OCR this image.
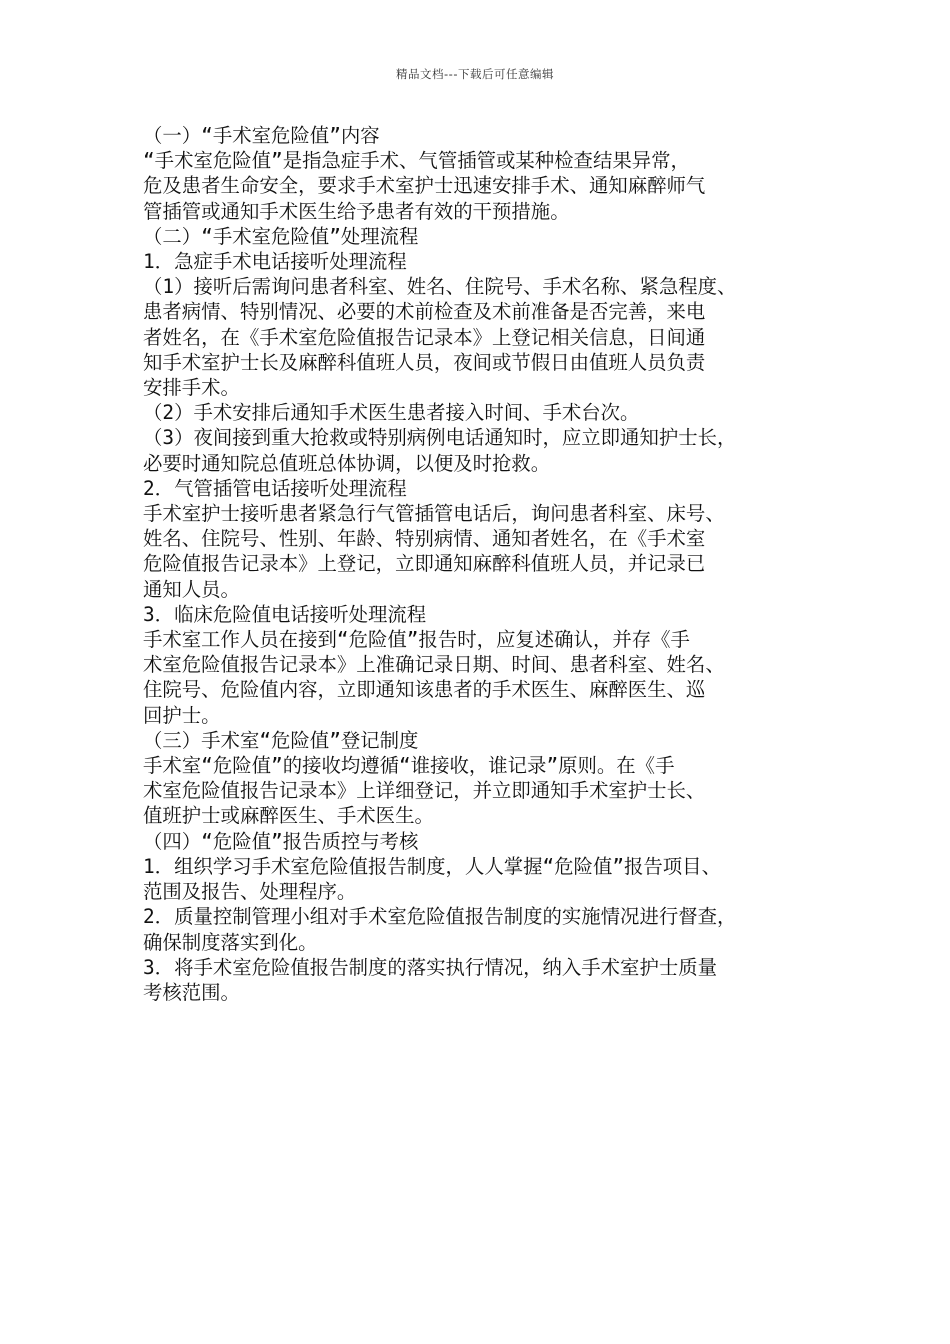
精品文档---下载后可任意编辑

（一）“手术室危险值”内容

“手术室危险值”是指急症手术、气管插管或某种检查结果异常，

危及患者生命安全，要求手术室护士迅速安排手术、通知麻醉师气

管插管或通知手术医生给予患者有效的干预措施。

（二）“手术室危险值”处理流程

1．急症手术电话接听处理流程

（1）接听后需询问患者科室、姓名、住院号、手术名称、紧急程度、

患者病情、特别情况、必要的术前检查及术前准备是否完善，来电

者姓名，在《手术室危险值报告记录本》上登记相关信息，日间通

知手术室护士长及麻醉科值班人员，夜间或节假日由值班人员负责

安排手术。

（2）手术安排后通知手术医生患者接入时间、手术台次。

（3）夜间接到重大抢救或特别病例电话通知时，应立即通知护士长，

必要时通知院总值班总体协调，以便及时抢救。

2．气管插管电话接听处理流程

手术室护士接听患者紧急行气管插管电话后，询问患者科室、床号、

姓名、住院号、性别、年龄、特别病情、通知者姓名，在《手术室

危险值报告记录本》上登记，立即通知麻醉科值班人员，并记录已

通知人员。

3．临床危险值电话接听处理流程

手术室工作人员在接到“危险值”报告时，应复述确认，并存《手

术室危险值报告记录本》上准确记录日期、时间、患者科室、姓名、

住院号、危险值内容，立即通知该患者的手术医生、麻醉医生、巡

回护士。

（三）手术室“危险值”登记制度

手术室“危险值”的接收均遵循“谁接收，谁记录”原则。在《手

术室危险值报告记录本》上详细登记，并立即通知手术室护士长、

值班护士或麻醉医生、手术医生。

（四）“危险值”报告质控与考核

1．组织学习手术室危险值报告制度，人人掌握“危险值”报告项目、

范围及报告、处理程序。

2．质量控制管理小组对手术室危险值报告制度的实施情况进行督查，

确保制度落实到化。

3．将手术室危险值报告制度的落实执行情况，纳入手术室护士质量

考核范围。
